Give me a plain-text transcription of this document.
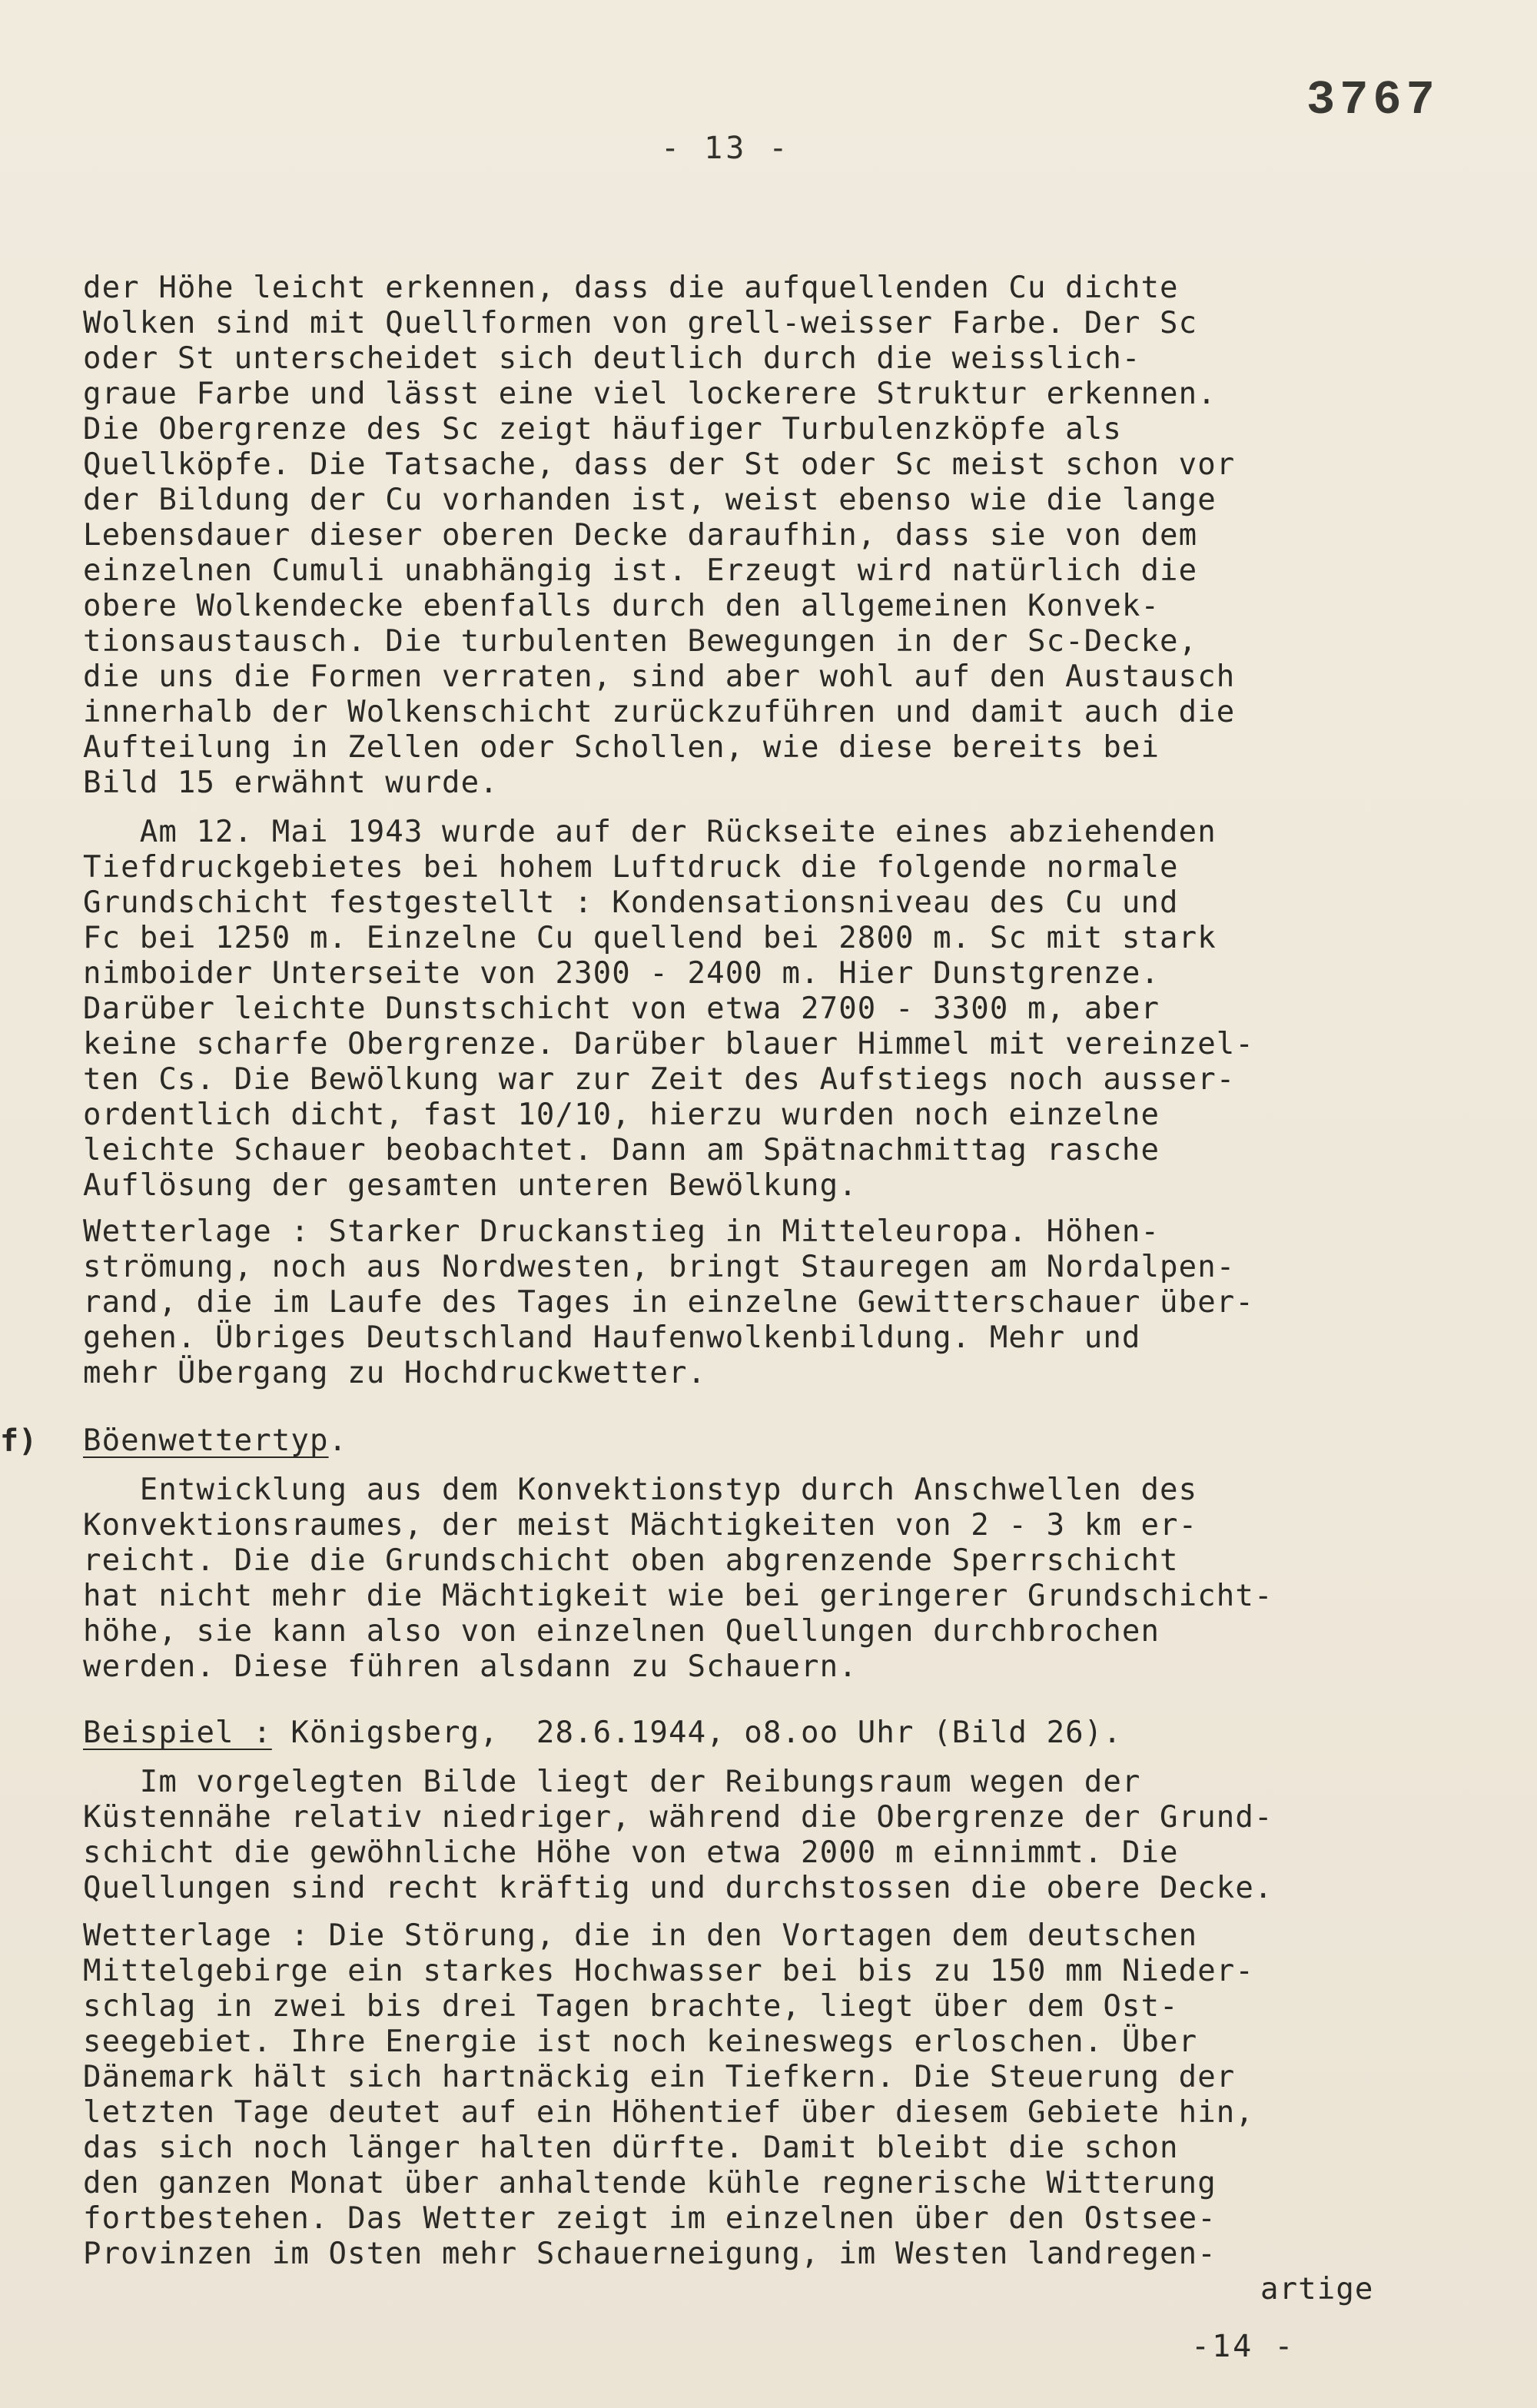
3767
- 13 -
der Höhe leicht erkennen, dass die aufquellenden Cu dichte
Wolken sind mit Quellformen von grell-weisser Farbe. Der Sc
oder St unterscheidet sich deutlich durch die weisslich-
graue Farbe und lässt eine viel lockerere Struktur erkennen.
Die Obergrenze des Sc zeigt häufiger Turbulenzköpfe als
Quellköpfe. Die Tatsache, dass der St oder Sc meist schon vor
der Bildung der Cu vorhanden ist, weist ebenso wie die lange
Lebensdauer dieser oberen Decke daraufhin, dass sie von dem
einzelnen Cumuli unabhängig ist. Erzeugt wird natürlich die
obere Wolkendecke ebenfalls durch den allgemeinen Konvek-
tionsaustausch. Die turbulenten Bewegungen in der Sc-Decke,
die uns die Formen verraten, sind aber wohl auf den Austausch
innerhalb der Wolkenschicht zurückzuführen und damit auch die
Aufteilung in Zellen oder Schollen, wie diese bereits bei
Bild 15 erwähnt wurde.
Am 12. Mai 1943 wurde auf der Rückseite eines abziehenden
Tiefdruckgebietes bei hohem Luftdruck die folgende normale
Grundschicht festgestellt : Kondensationsniveau des Cu und
Fc bei 1250 m. Einzelne Cu quellend bei 2800 m. Sc mit stark
nimboider Unterseite von 2300 - 2400 m. Hier Dunstgrenze.
Darüber leichte Dunstschicht von etwa 2700 - 3300 m, aber
keine scharfe Obergrenze. Darüber blauer Himmel mit vereinzel-
ten Cs. Die Bewölkung war zur Zeit des Aufstiegs noch ausser-
ordentlich dicht, fast 10/10, hierzu wurden noch einzelne
leichte Schauer beobachtet. Dann am Spätnachmittag rasche
Auflösung der gesamten unteren Bewölkung.
Wetterlage : Starker Druckanstieg in Mitteleuropa. Höhen-
strömung, noch aus Nordwesten, bringt Stauregen am Nordalpen-
rand, die im Laufe des Tages in einzelne Gewitterschauer über-
gehen. Übriges Deutschland Haufenwolkenbildung. Mehr und
mehr Übergang zu Hochdruckwetter.
f) Böenwettertyp.
Entwicklung aus dem Konvektionstyp durch Anschwellen des
Konvektionsraumes, der meist Mächtigkeiten von 2 - 3 km er-
reicht. Die die Grundschicht oben abgrenzende Sperrschicht
hat nicht mehr die Mächtigkeit wie bei geringerer Grundschicht-
höhe, sie kann also von einzelnen Quellungen durchbrochen
werden. Diese führen alsdann zu Schauern.
Beispiel : Königsberg,  28.6.1944, o8.oo Uhr (Bild 26).
Im vorgelegten Bilde liegt der Reibungsraum wegen der
Küstennähe relativ niedriger, während die Obergrenze der Grund-
schicht die gewöhnliche Höhe von etwa 2000 m einnimmt. Die
Quellungen sind recht kräftig und durchstossen die obere Decke.
Wetterlage : Die Störung, die in den Vortagen dem deutschen
Mittelgebirge ein starkes Hochwasser bei bis zu 150 mm Nieder-
schlag in zwei bis drei Tagen brachte, liegt über dem Ost-
seegebiet. Ihre Energie ist noch keineswegs erloschen. Über
Dänemark hält sich hartnäckig ein Tiefkern. Die Steuerung der
letzten Tage deutet auf ein Höhentief über diesem Gebiete hin,
das sich noch länger halten dürfte. Damit bleibt die schon
den ganzen Monat über anhaltende kühle regnerische Witterung
fortbestehen. Das Wetter zeigt im einzelnen über den Ostsee-
Provinzen im Osten mehr Schauerneigung, im Westen landregen-
artige
-14 -
